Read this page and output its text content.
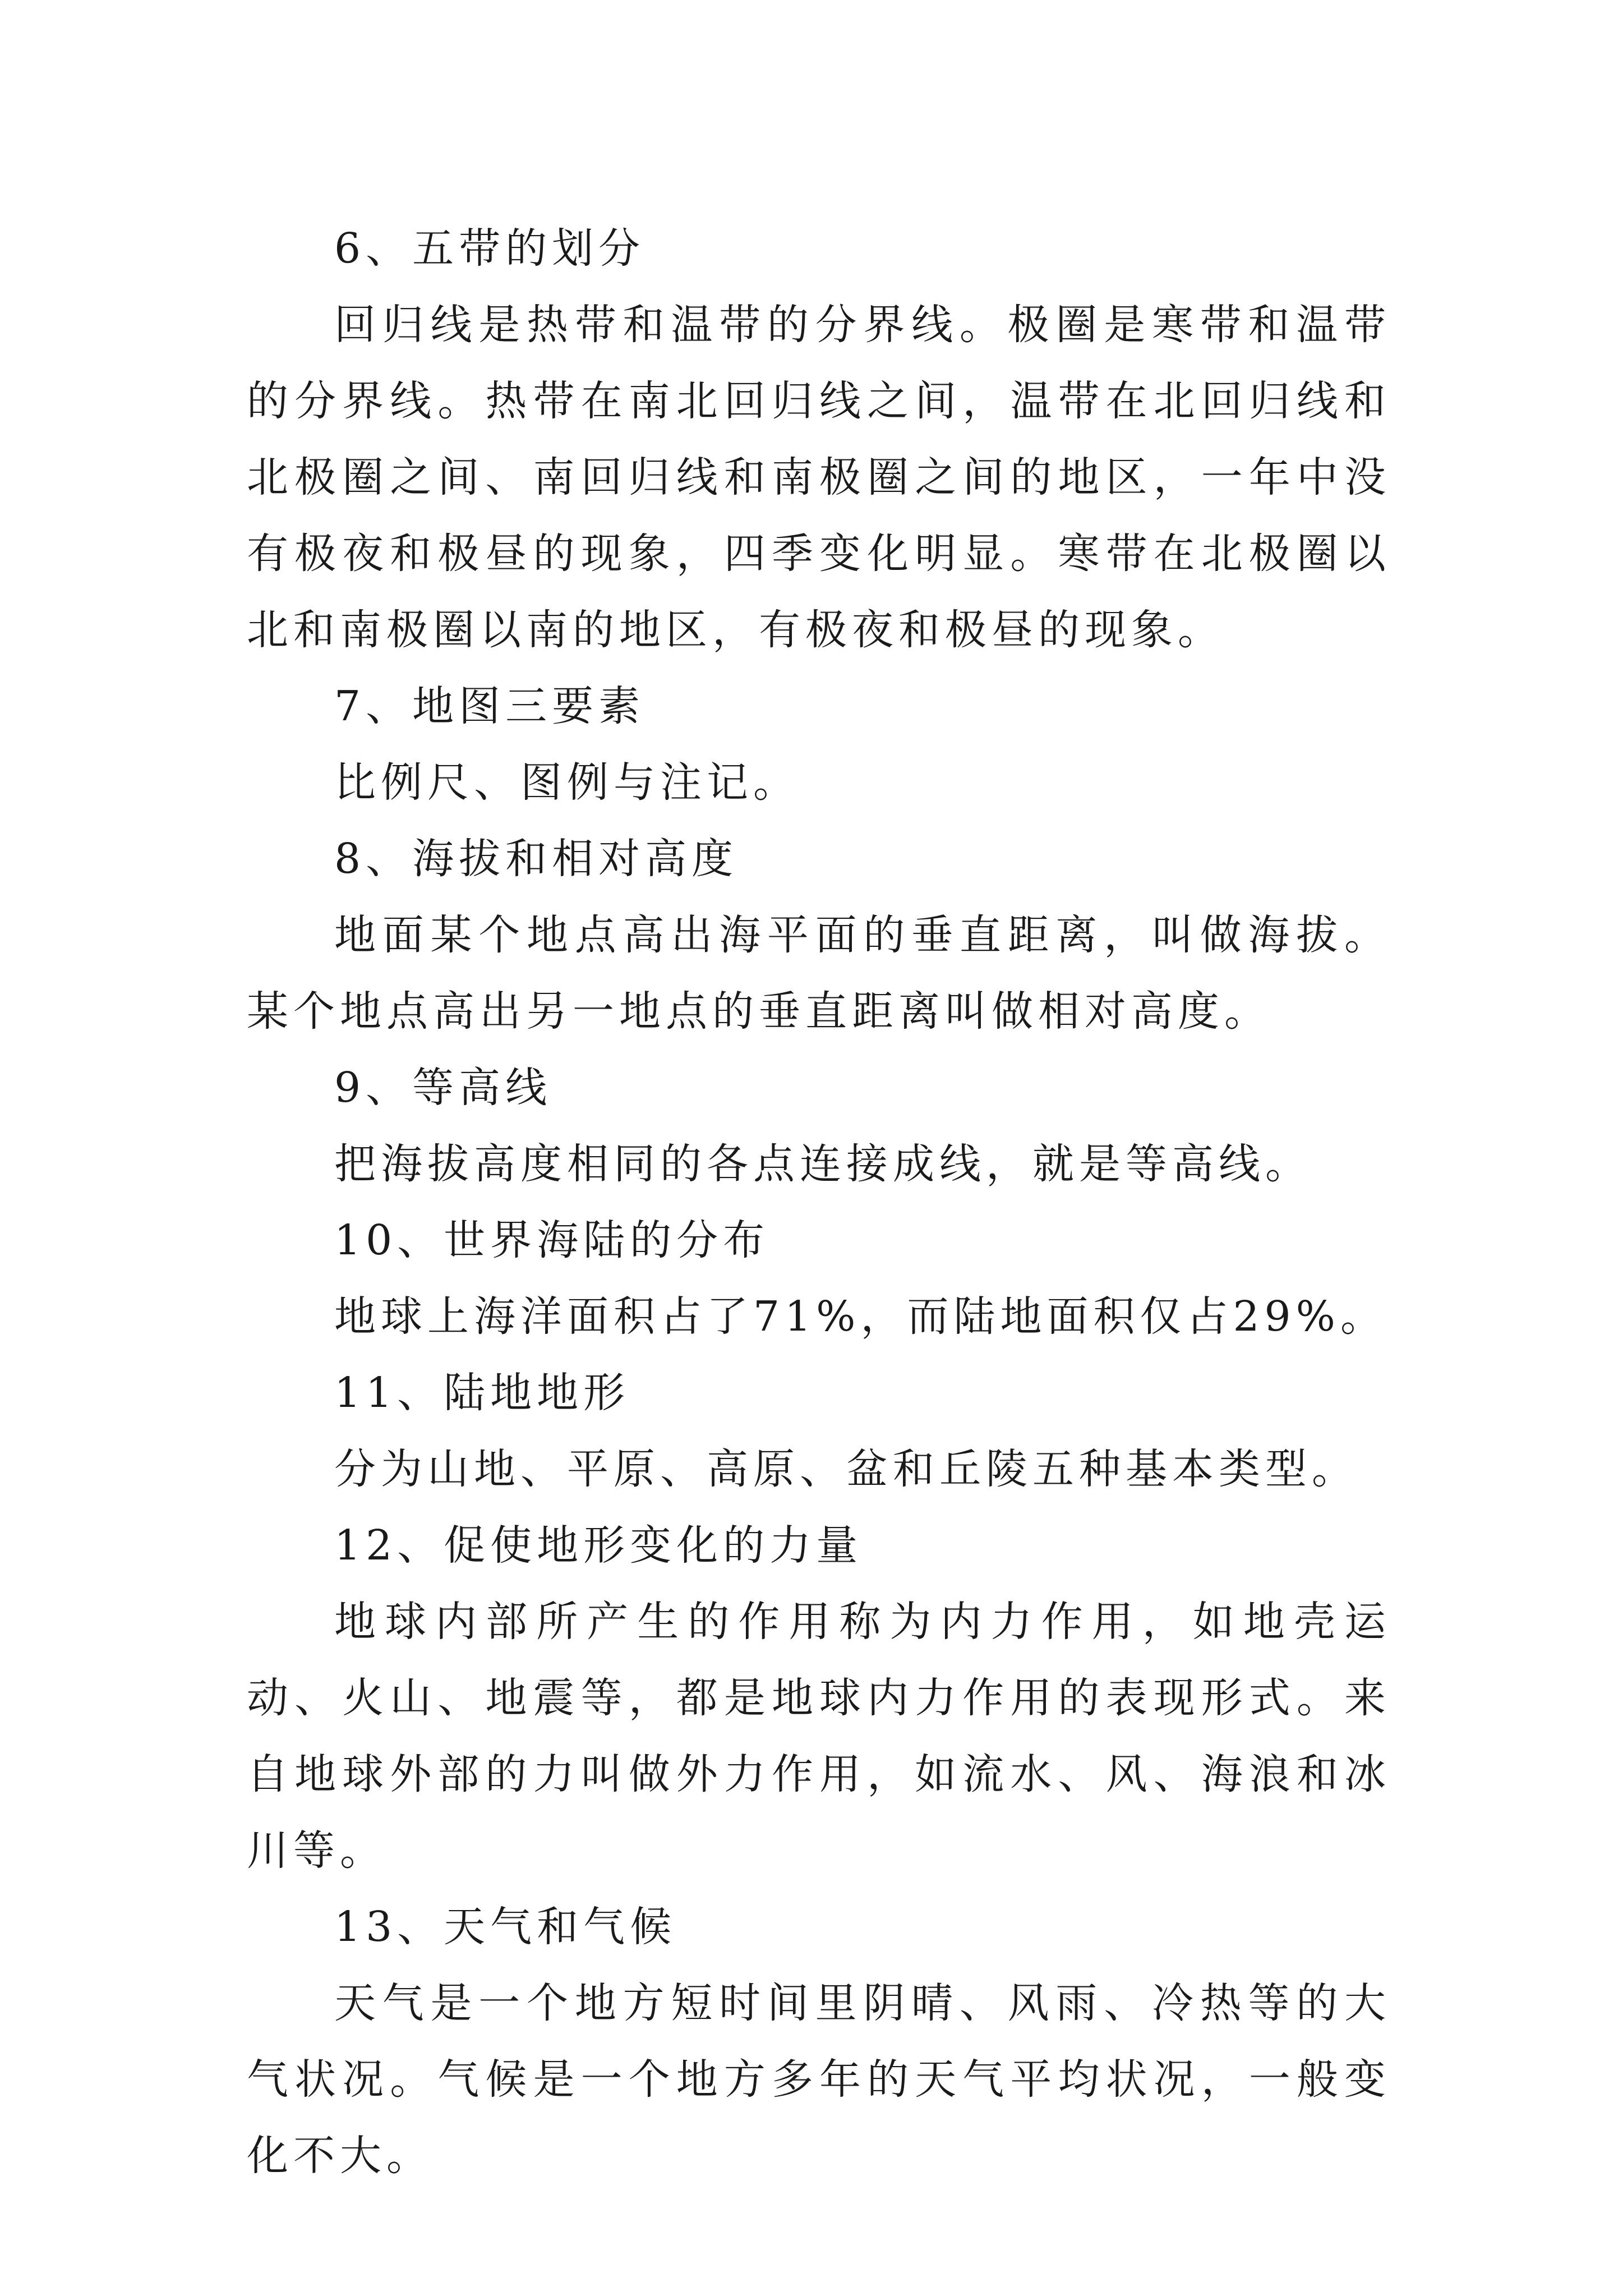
6、五带的划分

回归线是热带和温带的分界线。极圈是寒带和温带的分界线。热带在南北回归线之间，温带在北回归线和北极圈之间、南回归线和南极圈之间的地区，一年中没有极夜和极昼的现象，四季变化明显。寒带在北极圈以北和南极圈以南的地区，有极夜和极昼的现象。

7、地图三要素

比例尺、图例与注记。

8、海拔和相对高度

地面某个地点高出海平面的垂直距离，叫做海拔。某个地点高出另一地点的垂直距离叫做相对高度。

9、等高线

把海拔高度相同的各点连接成线，就是等高线。

10、世界海陆的分布

地球上海洋面积占了71%，而陆地面积仅占29%。

11、陆地地形

分为山地、平原、高原、盆和丘陵五种基本类型。

12、促使地形变化的力量

地球内部所产生的作用称为内力作用，如地壳运动、火山、地震等，都是地球内力作用的表现形式。来自地球外部的力叫做外力作用，如流水、风、海浪和冰川等。

13、天气和气候

天气是一个地方短时间里阴晴、风雨、冷热等的大气状况。气候是一个地方多年的天气平均状况，一般变化不大。
